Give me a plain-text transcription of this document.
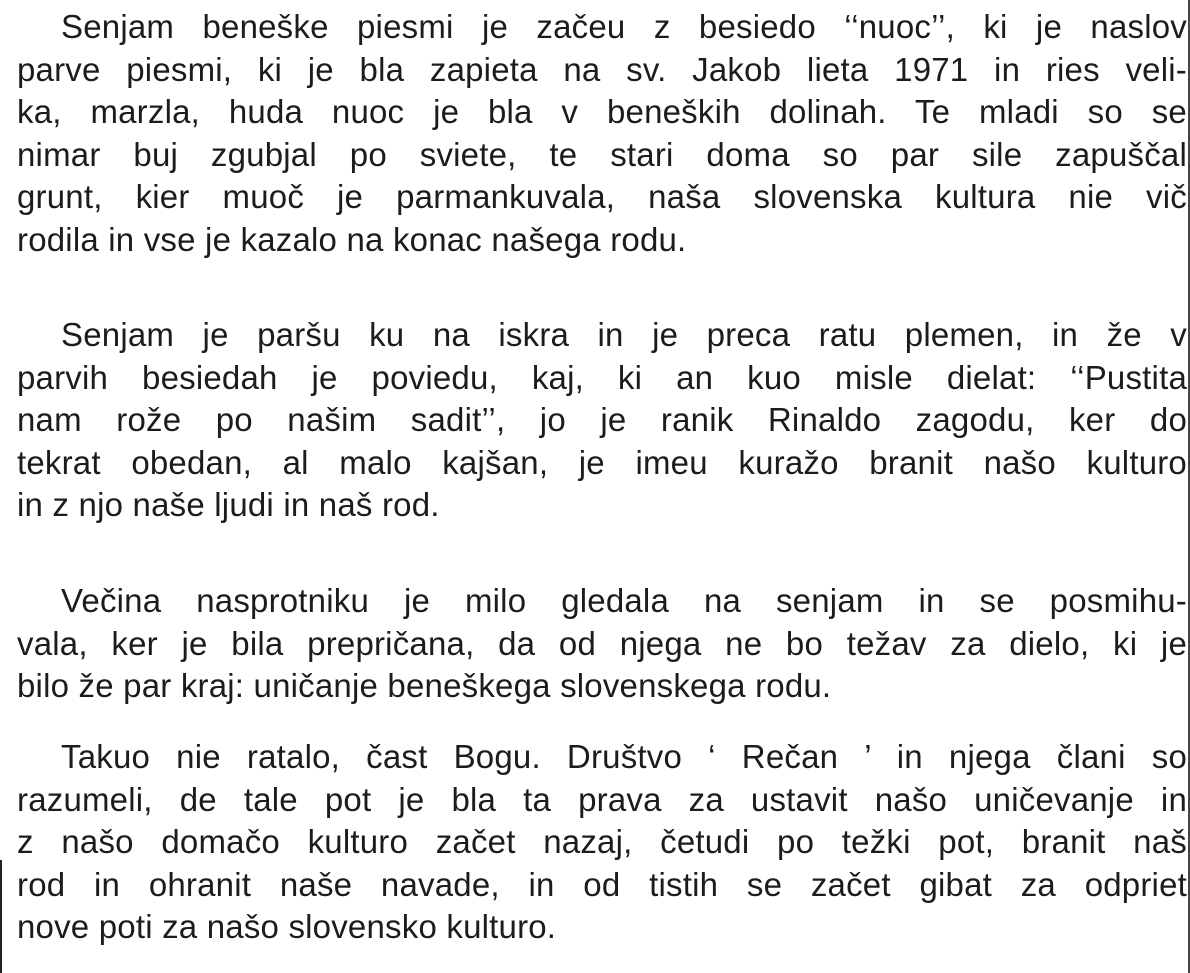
Senjam beneške piesmi je začeu z besiedo ‘‘nuoc’’, ki je naslov
parve piesmi, ki je bla zapieta na sv. Jakob lieta 1971 in ries veli-
ka, marzla, huda nuoc je bla v beneških dolinah. Te mladi so se
nimar buj zgubjal po sviete, te stari doma so par sile zapuščal
grunt, kier muoč je parmankuvala, naša slovenska kultura nie vič
rodila in vse je kazalo na konac našega rodu.

Senjam je paršu ku na iskra in je preca ratu plemen, in že v
parvih besiedah je poviedu, kaj, ki an kuo misle dielat: ‘‘Pustita
nam rože po našim sadit’’, jo je ranik Rinaldo zagodu, ker do
tekrat obedan, al malo kajšan, je imeu kuražo branit našo kulturo
in z njo naše ljudi in naš rod.

Večina nasprotniku je milo gledala na senjam in se posmihu-
vala, ker je bila prepričana, da od njega ne bo težav za dielo, ki je
bilo že par kraj: uničanje beneškega slovenskega rodu.

Takuo nie ratalo, čast Bogu. Društvo ‘ Rečan ’ in njega člani so
razumeli, de tale pot je bla ta prava za ustavit našo uničevanje in
z našo domačo kulturo začet nazaj, četudi po težki pot, branit naš
rod in ohranit naše navade, in od tistih se začet gibat za odpriet
nove poti za našo slovensko kulturo.
